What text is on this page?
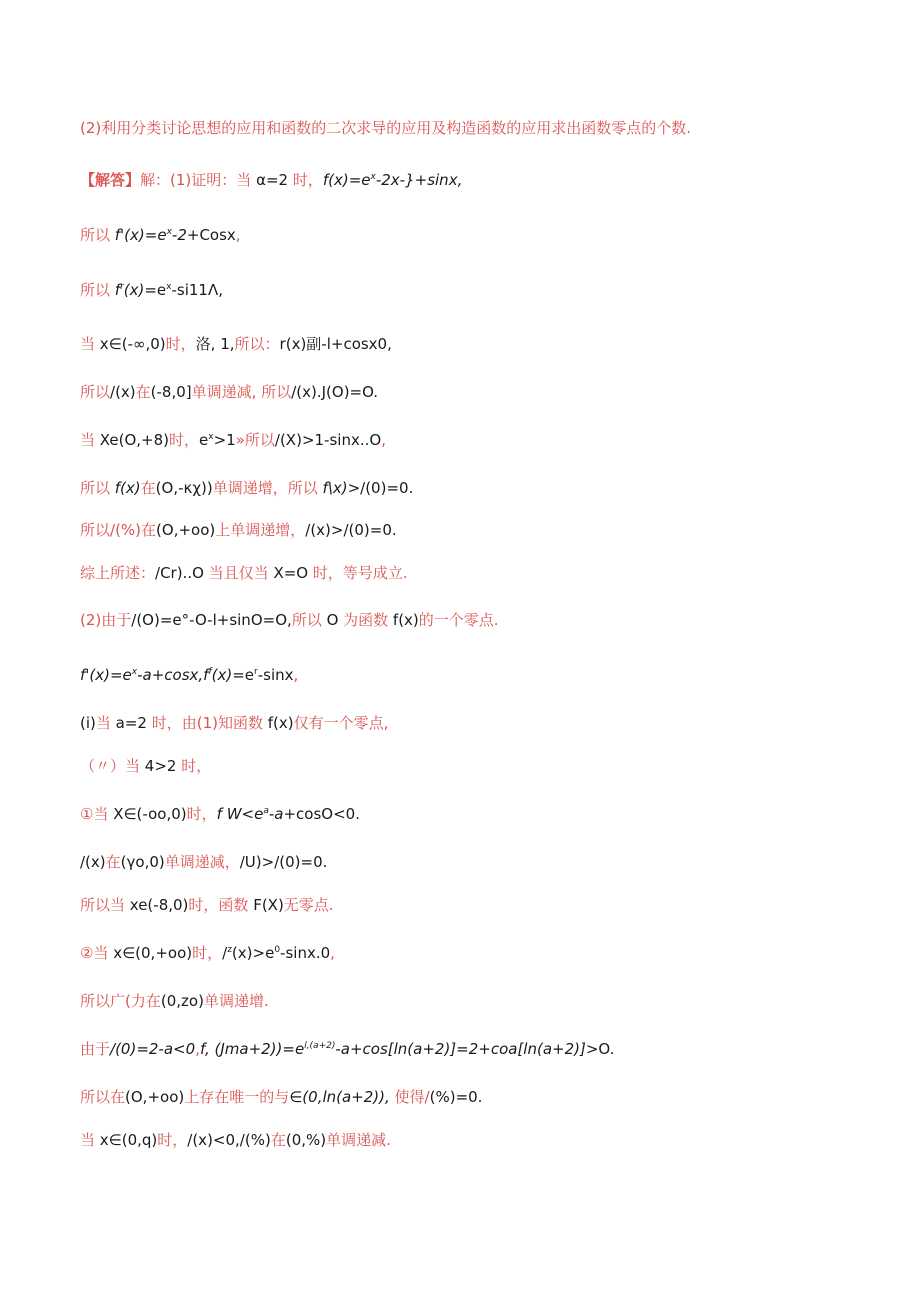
(2)利用分类讨论思想的应用和函数的二次求导的应用及构造函数的应用求出函数零点的个数.
【解答】解：(1)证明：当 α=2 时，$f(x)=e^x-2x-\}+\sin x$,
所以 $f'(x)=e^x-2+Cosx$,
所以 $f^r(x)=e^x-si11\Lambda$,
当 x∈(-∞,0)时，洛, 1,所以：r(x)副-l+cosx0,
所以/(x)在(-8,0]单调递减, 所以/(x).J(O)=O.
当 Xe(O,+8)时，$e^x>1$»所以/(X)>1-sinx..O,
所以 f(x)在(O,-κχ))单调递增，所以 f\x)>/(0)=0.
所以/(%)在(O,+oo)上单调递增，/(x)>/(0)=0.
综上所述：/Cr)..O 当且仅当 X=O 时，等号成立.
(2)由于/(O)=e°-O-l+sinO=O,所以 O 为函数 f(x)的一个零点.
$f'(x)=e^x-a+\cos x,f^f(x)=e^r$-sinx,
(i)当 a=2 时，由(1)知函数 f(x)仅有一个零点,
（〃）当 4>2 时，
①当 X∈(-oo,0)时，f $W<e^a-a+\cos O<0$.
/(x)在(γo,0)单调递减，/U)>/(0)=0.
所以当 xe(-8,0)时，函数 F(X)无零点.
②当 x∈(0,+oo)时，$/^z(x)>e^0-\sin x.0$,
所以广(力在(0,zo)单调递增.
由于/(0)=2-a<0,f, $(Jma+2))=e^{l,(a+2)}-a+\cos[\ln(a+2)]=2+coa[\ln(a+2)]>O$.
所以在(O,+oo)上存在唯一的与∈(0,ln(a+2)), 使得/(%)=0.
当 x∈(0,q)时，/(x)<0,/(%)在(0,%)单调递减.
